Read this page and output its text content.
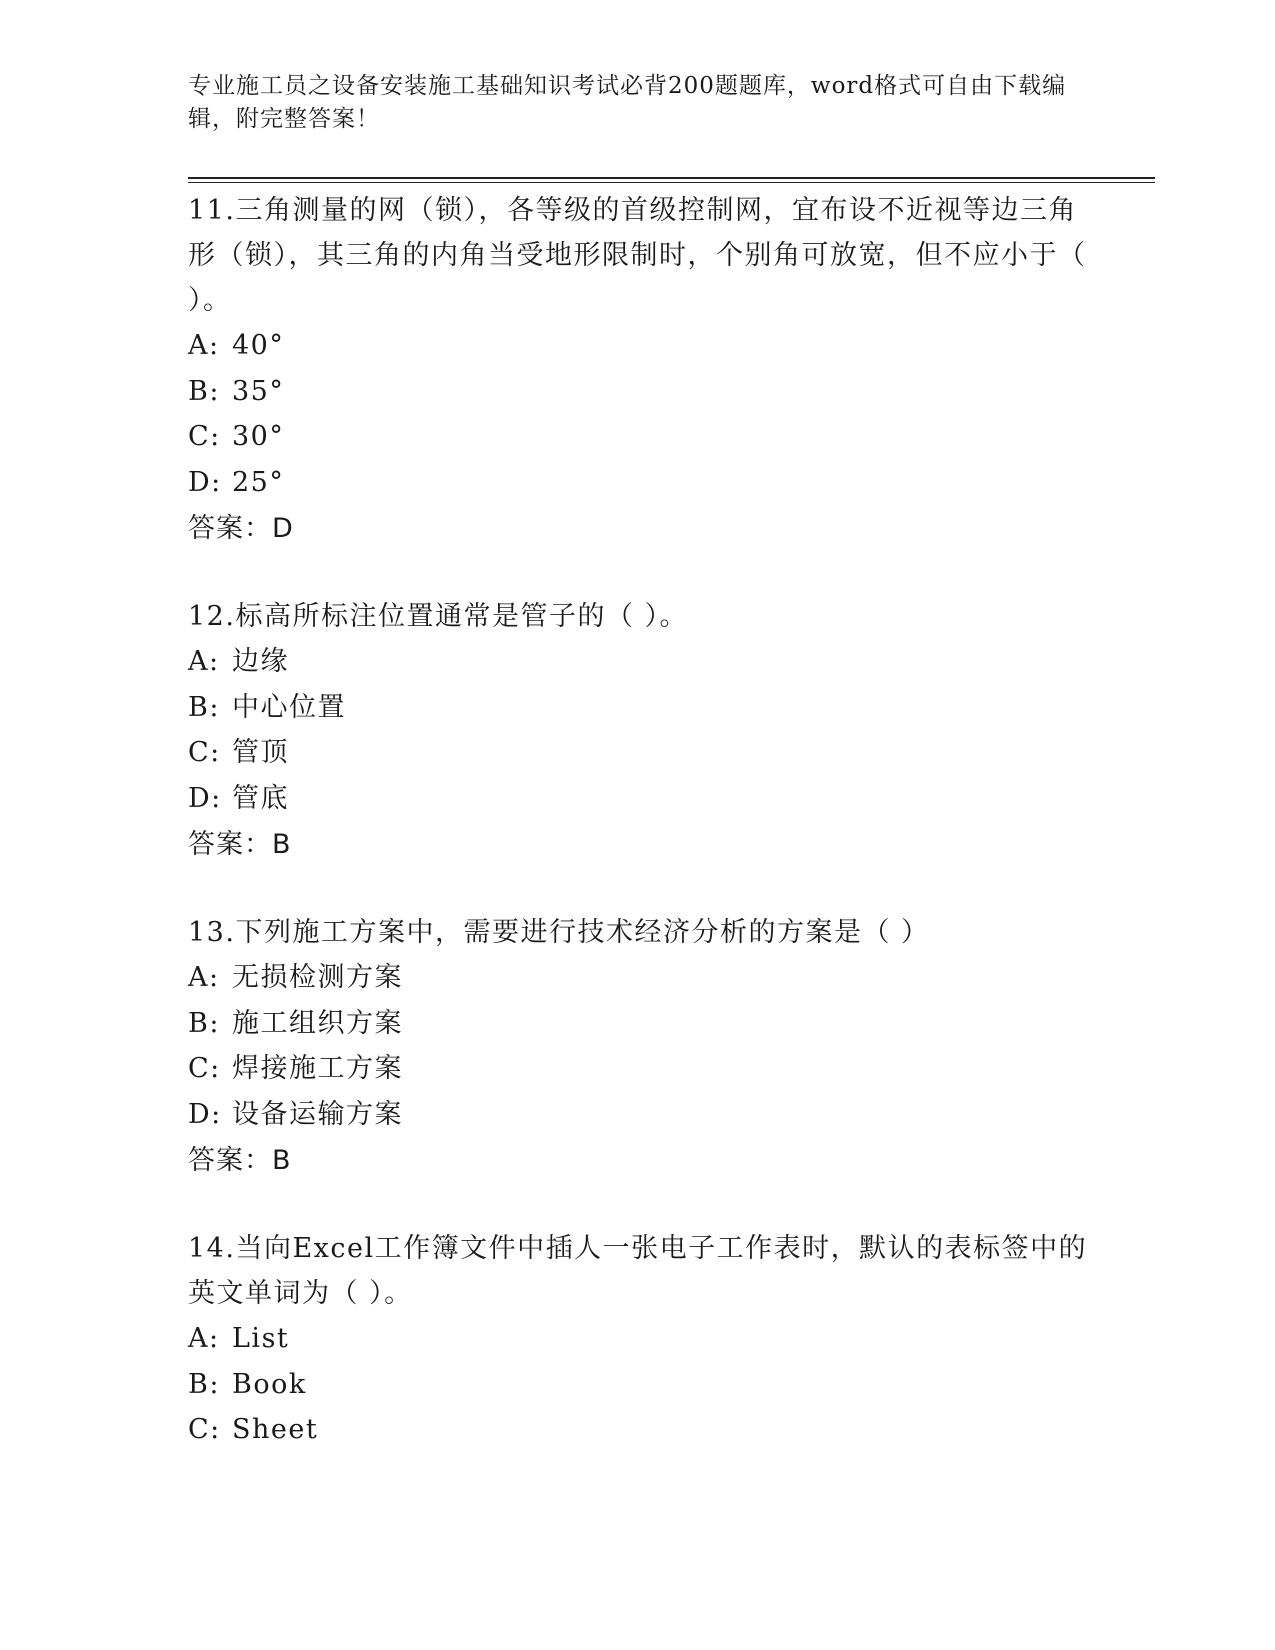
专业施工员之设备安装施工基础知识考试必背200题题库，word格式可自由下载编辑，附完整答案！

11.三角测量的网（锁），各等级的首级控制网，宜布设不近视等边三角形（锁），其三角的内角当受地形限制时，个别角可放宽，但不应小于（ ）。

A: 40°

B: 35°

C: 30°

D: 25°

答案：D

12.标高所标注位置通常是管子的（ ）。

A: 边缘

B: 中心位置

C: 管顶

D: 管底

答案：B

13.下列施工方案中，需要进行技术经济分析的方案是（ ）

A: 无损检测方案

B: 施工组织方案

C: 焊接施工方案

D: 设备运输方案

答案：B

14.当向Excel工作簿文件中插人一张电子工作表时，默认的表标签中的英文单词为（ ）。

A: List

B: Book

C: Sheet
